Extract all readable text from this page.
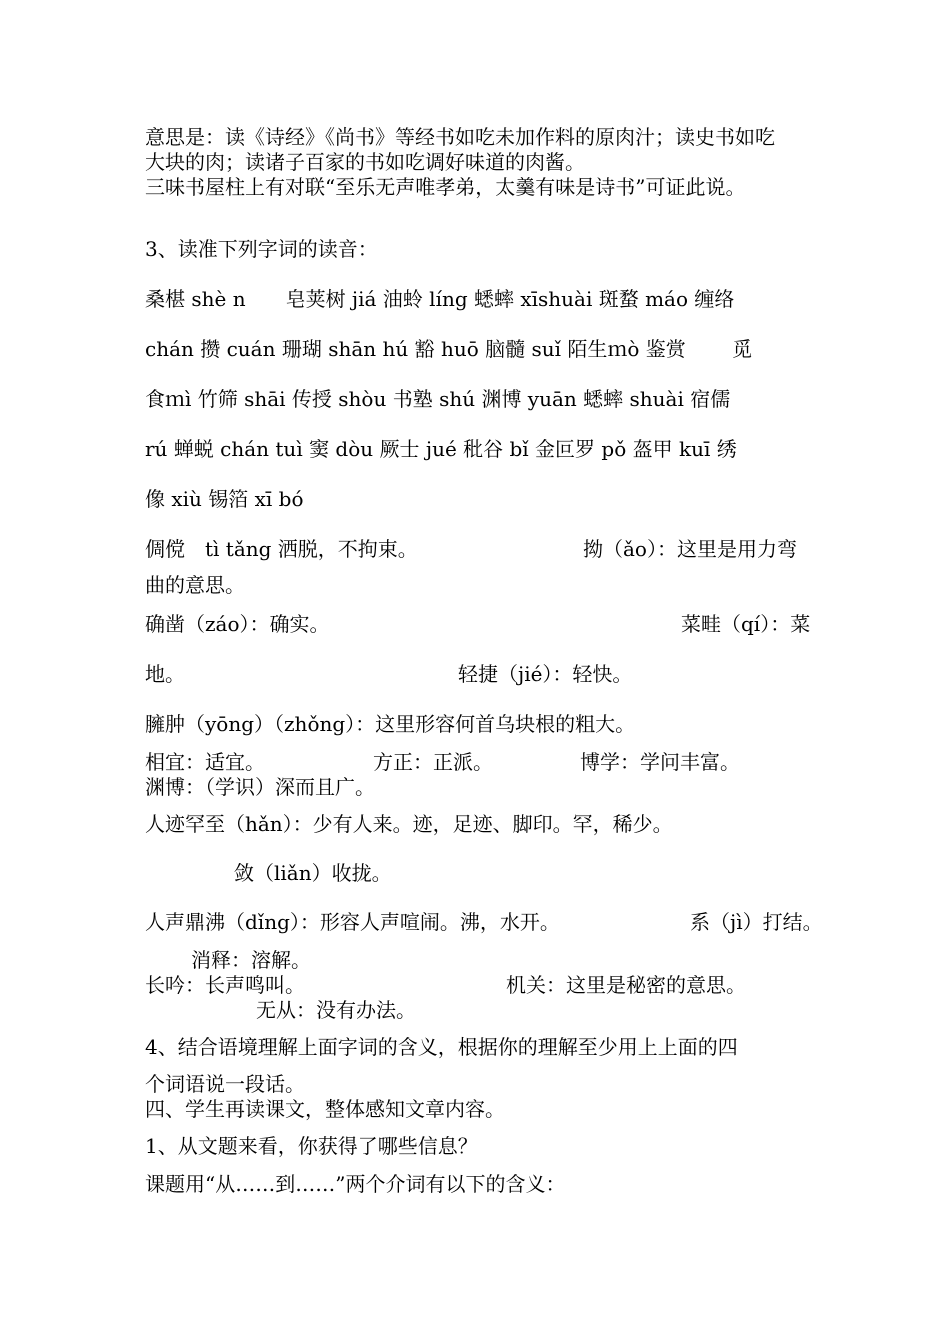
意思是：读《诗经》《尚书》等经书如吃未加作料的原肉汁；读史书如吃
大块的肉；读诸子百家的书如吃调好味道的肉酱。
三味书屋柱上有对联“至乐无声唯孝弟，太羹有味是诗书”可证此说。
3、读准下列字词的读音：
桑椹 shè n　　皂荚树 jiá 油蛉 líng 蟋蟀 xīshuài 斑蝥 máo 缠络
chán 攒 cuán 珊瑚 shān hú 豁 huō 脑髓 suǐ 陌生ｍò 鉴赏　　 觅
食ｍì 竹筛 shāi 传授 shòu 书塾 shú 渊博 yuān 蟋蟀 shuài 宿儒
rú 蝉蜕 chán tuì 窦 dòu 厥士 jué 秕谷 bǐ 金叵罗 pǒ 盔甲 kuī 绣
像 xiù 锡箔 xī bó
倜傥　tì tǎng 洒脱，不拘束。	拗（ǎo）：这里是用力弯
曲的意思。
确凿（záo）：确实。	菜畦（qí）：菜
地。	轻捷（jié）：轻快。
臃肿（yōng）（zhǒng）：这里形容何首乌块根的粗大。
相宜：适宜。	方正：正派。	博学：学问丰富。
渊博：（学识）深而且广。
人迹罕至（hǎn）：少有人来。迹，足迹、脚印。罕，稀少。
敛（liǎn）收拢。
人声鼎沸（dǐng）：形容人声喧闹。沸，水开。	系（jì）打结。
消释：溶解。
长吟：长声鸣叫。	机关：这里是秘密的意思。
无从：没有办法。
4、结合语境理解上面字词的含义，根据你的理解至少用上上面的四
个词语说一段话。
四、学生再读课文，整体感知文章内容。
1、从文题来看，你获得了哪些信息？
课题用“从……到……”两个介词有以下的含义：
